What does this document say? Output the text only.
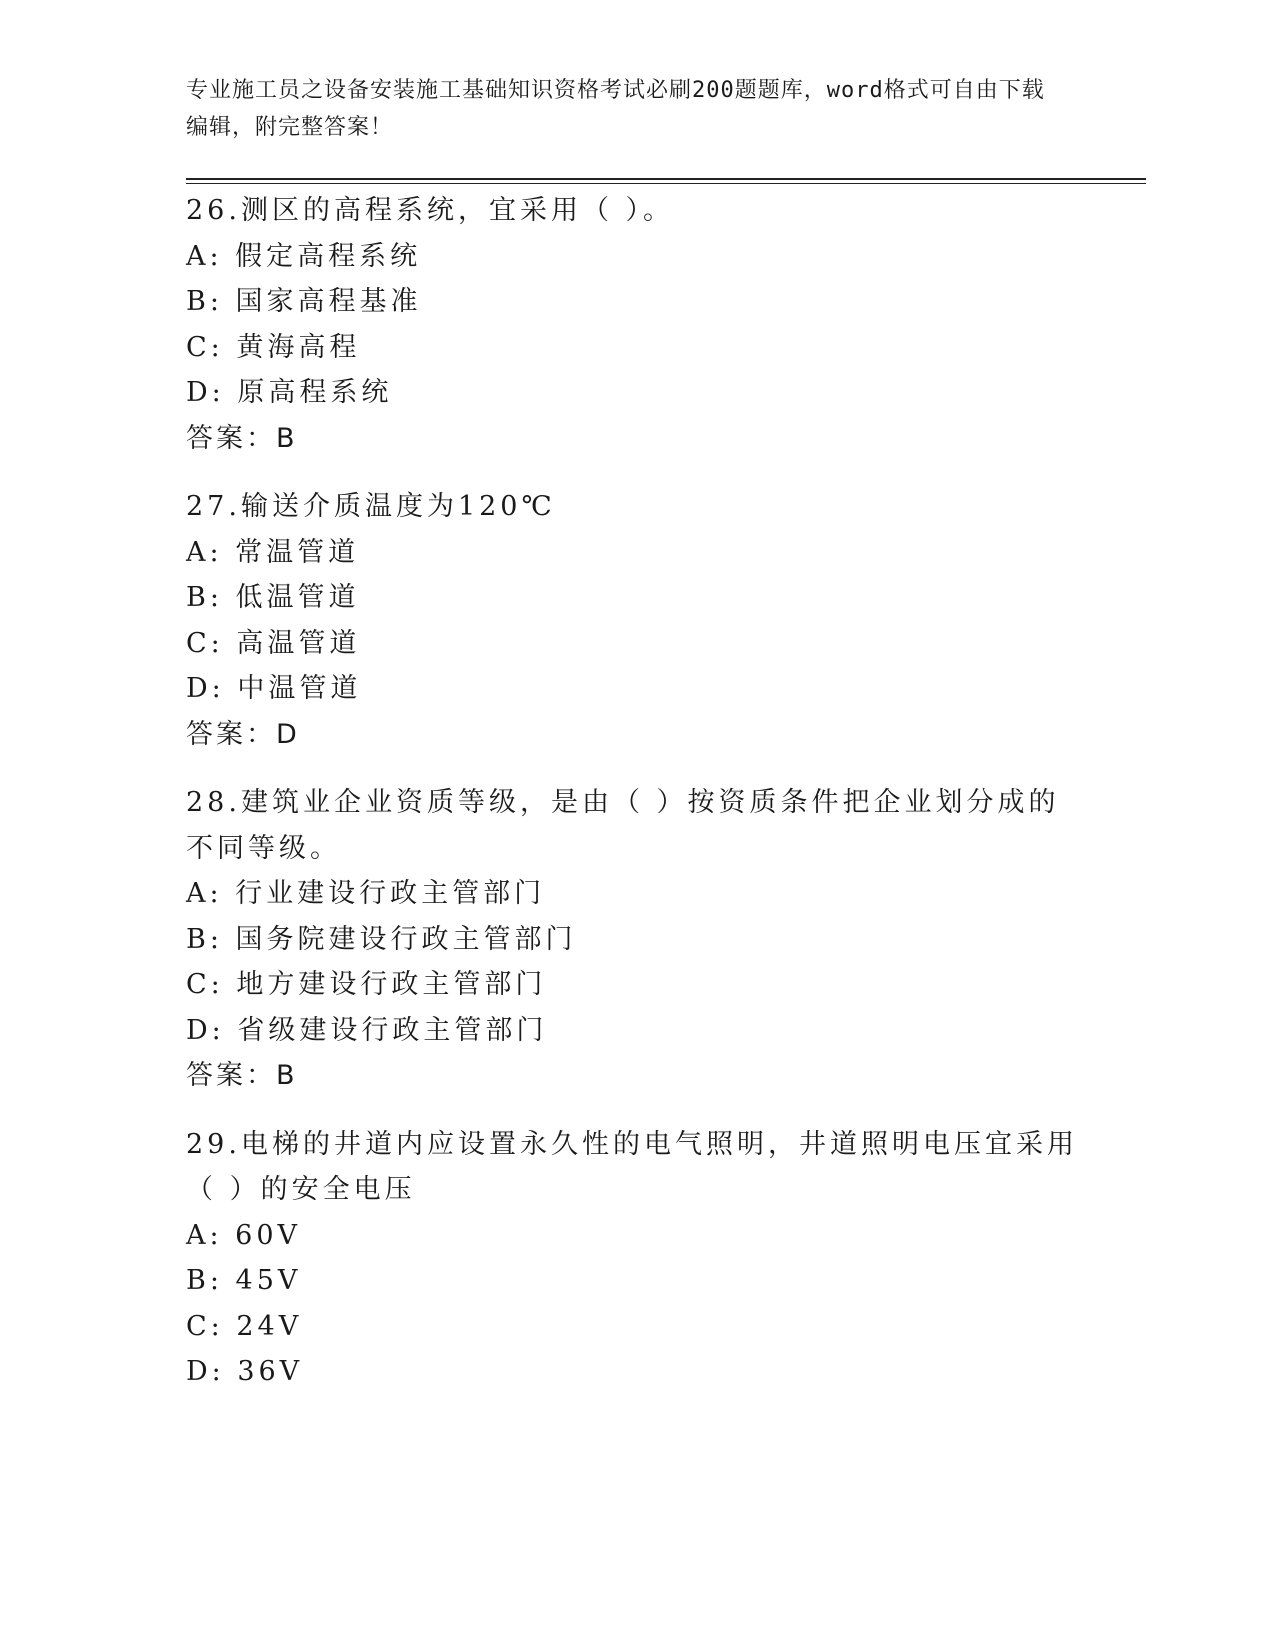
专业施工员之设备安装施工基础知识资格考试必刷200题题库，word格式可自由下载编辑，附完整答案！
26.测区的高程系统，宜采用（ ）。
A: 假定高程系统
B: 国家高程基准
C: 黄海高程
D: 原高程系统
答案：B
27.输送介质温度为120℃
A: 常温管道
B: 低温管道
C: 高温管道
D: 中温管道
答案：D
28.建筑业企业资质等级，是由（ ）按资质条件把企业划分成的不同等级。
A: 行业建设行政主管部门
B: 国务院建设行政主管部门
C: 地方建设行政主管部门
D: 省级建设行政主管部门
答案：B
29.电梯的井道内应设置永久性的电气照明，井道照明电压宜采用（ ）的安全电压
A: 60V
B: 45V
C: 24V
D: 36V
